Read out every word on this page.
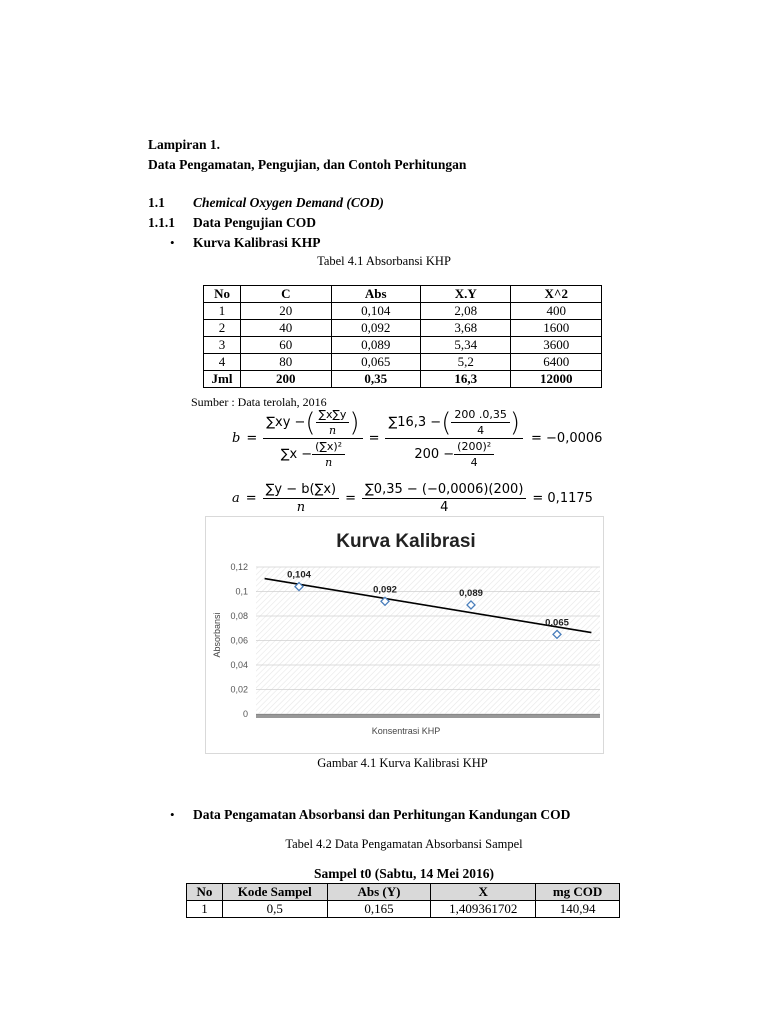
Lampiran 1.
Data Pengamatan, Pengujian, dan Contoh Perhitungan
1.1 Chemical Oxygen Demand (COD)
1.1.1 Data Pengujian COD
• Kurva Kalibrasi KHP
Tabel 4.1 Absorbansi KHP
No	C	Abs	X.Y	X^2
1	20	0,104	2,08	400
2	40	0,092	3,68	1600
3	60	0,089	5,34	3600
4	80	0,065	5,2	6400
Jml	200	0,35	16,3	12000
Sumber : Data terolah, 2016
$b = \frac{\sum xy - ( \frac{\sum x\sum y}{n} )}{\sum x - \frac{\text{(∑x)²}}{n}} = \frac{\sum 16,3 - ( \frac{200 .0,35}{4} )}{200 - \frac{\text{(200)²}}{4}} = -0,0006$
$a = \frac{\sum y - b(\sum x)}{n} = \frac{\sum 0,35 - (-0,0006)(200)}{4} = 0,1175$
Kurva Kalibrasi
0
0,02
0,04
0,06
0,08
0,1
0,12
0,104
0,092	0,089
0,065
Konsentrasi KHP
Absorbansi
Gambar 4.1 Kurva Kalibrasi KHP
• Data Pengamatan Absorbansi dan Perhitungan Kandungan COD
Tabel 4.2 Data Pengamatan Absorbansi Sampel
Sampel t0 (Sabtu, 14 Mei 2016)
No	Kode Sampel	Abs (Y)	X	mg COD
1	0,5	0,165	1,409361702	140,94
